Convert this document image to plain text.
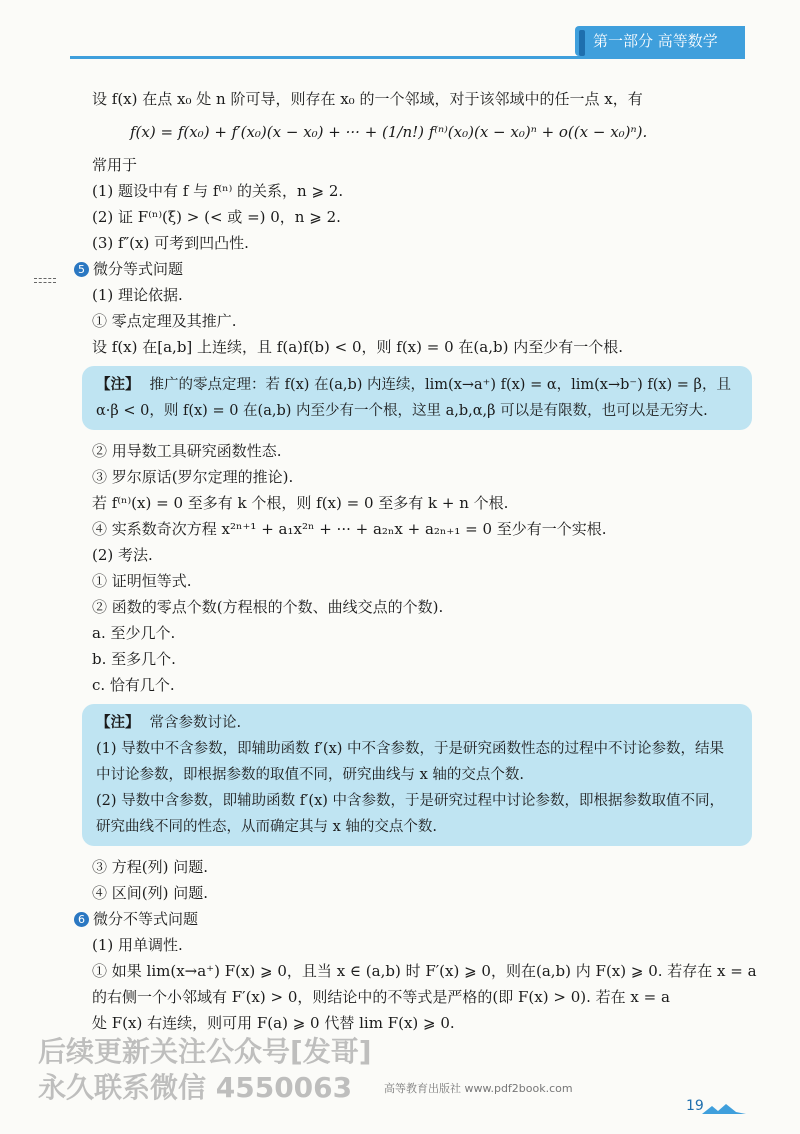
第一部分 高等数学
设 f(x) 在点 x₀ 处 n 阶可导，则存在 x₀ 的一个邻域，对于该邻域中的任一点 x，有
f(x) = f(x₀) + f′(x₀)(x − x₀) + ··· + (1/n!) f⁽ⁿ⁾(x₀)(x − x₀)ⁿ + o((x − x₀)ⁿ).
常用于
(1) 题设中有 f 与 f⁽ⁿ⁾ 的关系，n ⩾ 2.
(2) 证 F⁽ⁿ⁾(ξ) > (< 或 =) 0，n ⩾ 2.
(3) f″(x) 可考到凹凸性.
5 微分等式问题
(1) 理论依据.
① 零点定理及其推广.
设 f(x) 在[a,b] 上连续，且 f(a)f(b) < 0，则 f(x) = 0 在(a,b) 内至少有一个根.
【注】 推广的零点定理：若 f(x) 在(a,b) 内连续，lim(x→a⁺) f(x) = α，lim(x→b⁻) f(x) = β，且 α·β < 0，则 f(x) = 0 在(a,b) 内至少有一个根，这里 a,b,α,β 可以是有限数，也可以是无穷大.
② 用导数工具研究函数性态.
③ 罗尔原话(罗尔定理的推论).
若 f⁽ⁿ⁾(x) = 0 至多有 k 个根，则 f(x) = 0 至多有 k + n 个根.
④ 实系数奇次方程 x²ⁿ⁺¹ + a₁x²ⁿ + ··· + a₂ₙx + a₂ₙ₊₁ = 0 至少有一个实根.
(2) 考法.
① 证明恒等式.
② 函数的零点个数(方程根的个数、曲线交点的个数).
a. 至少几个.
b. 至多几个.
c. 恰有几个.
【注】 常含参数讨论.
(1) 导数中不含参数，即辅助函数 f′(x) 中不含参数，于是研究函数性态的过程中不讨论参数，结果中讨论参数，即根据参数的取值不同，研究曲线与 x 轴的交点个数.
(2) 导数中含参数，即辅助函数 f′(x) 中含参数，于是研究过程中讨论参数，即根据参数取值不同，研究曲线不同的性态，从而确定其与 x 轴的交点个数.
③ 方程(列) 问题.
④ 区间(列) 问题.
6 微分不等式问题
(1) 用单调性.
① 如果 lim(x→a⁺) F(x) ⩾ 0，且当 x ∈ (a,b) 时 F′(x) ⩾ 0，则在(a,b) 内 F(x) ⩾ 0. 若存在 x = a
的右侧一个小邻域有 F′(x) > 0，则结论中的不等式是严格的(即 F(x) > 0). 若在 x = a
处 F(x) 右连续，则可用 F(a) ⩾ 0 代替 lim F(x) ⩾ 0.
后续更新关注公众号[发哥]
永久联系微信 4550063	高等教育出版社 www.pdf2book.com
19
